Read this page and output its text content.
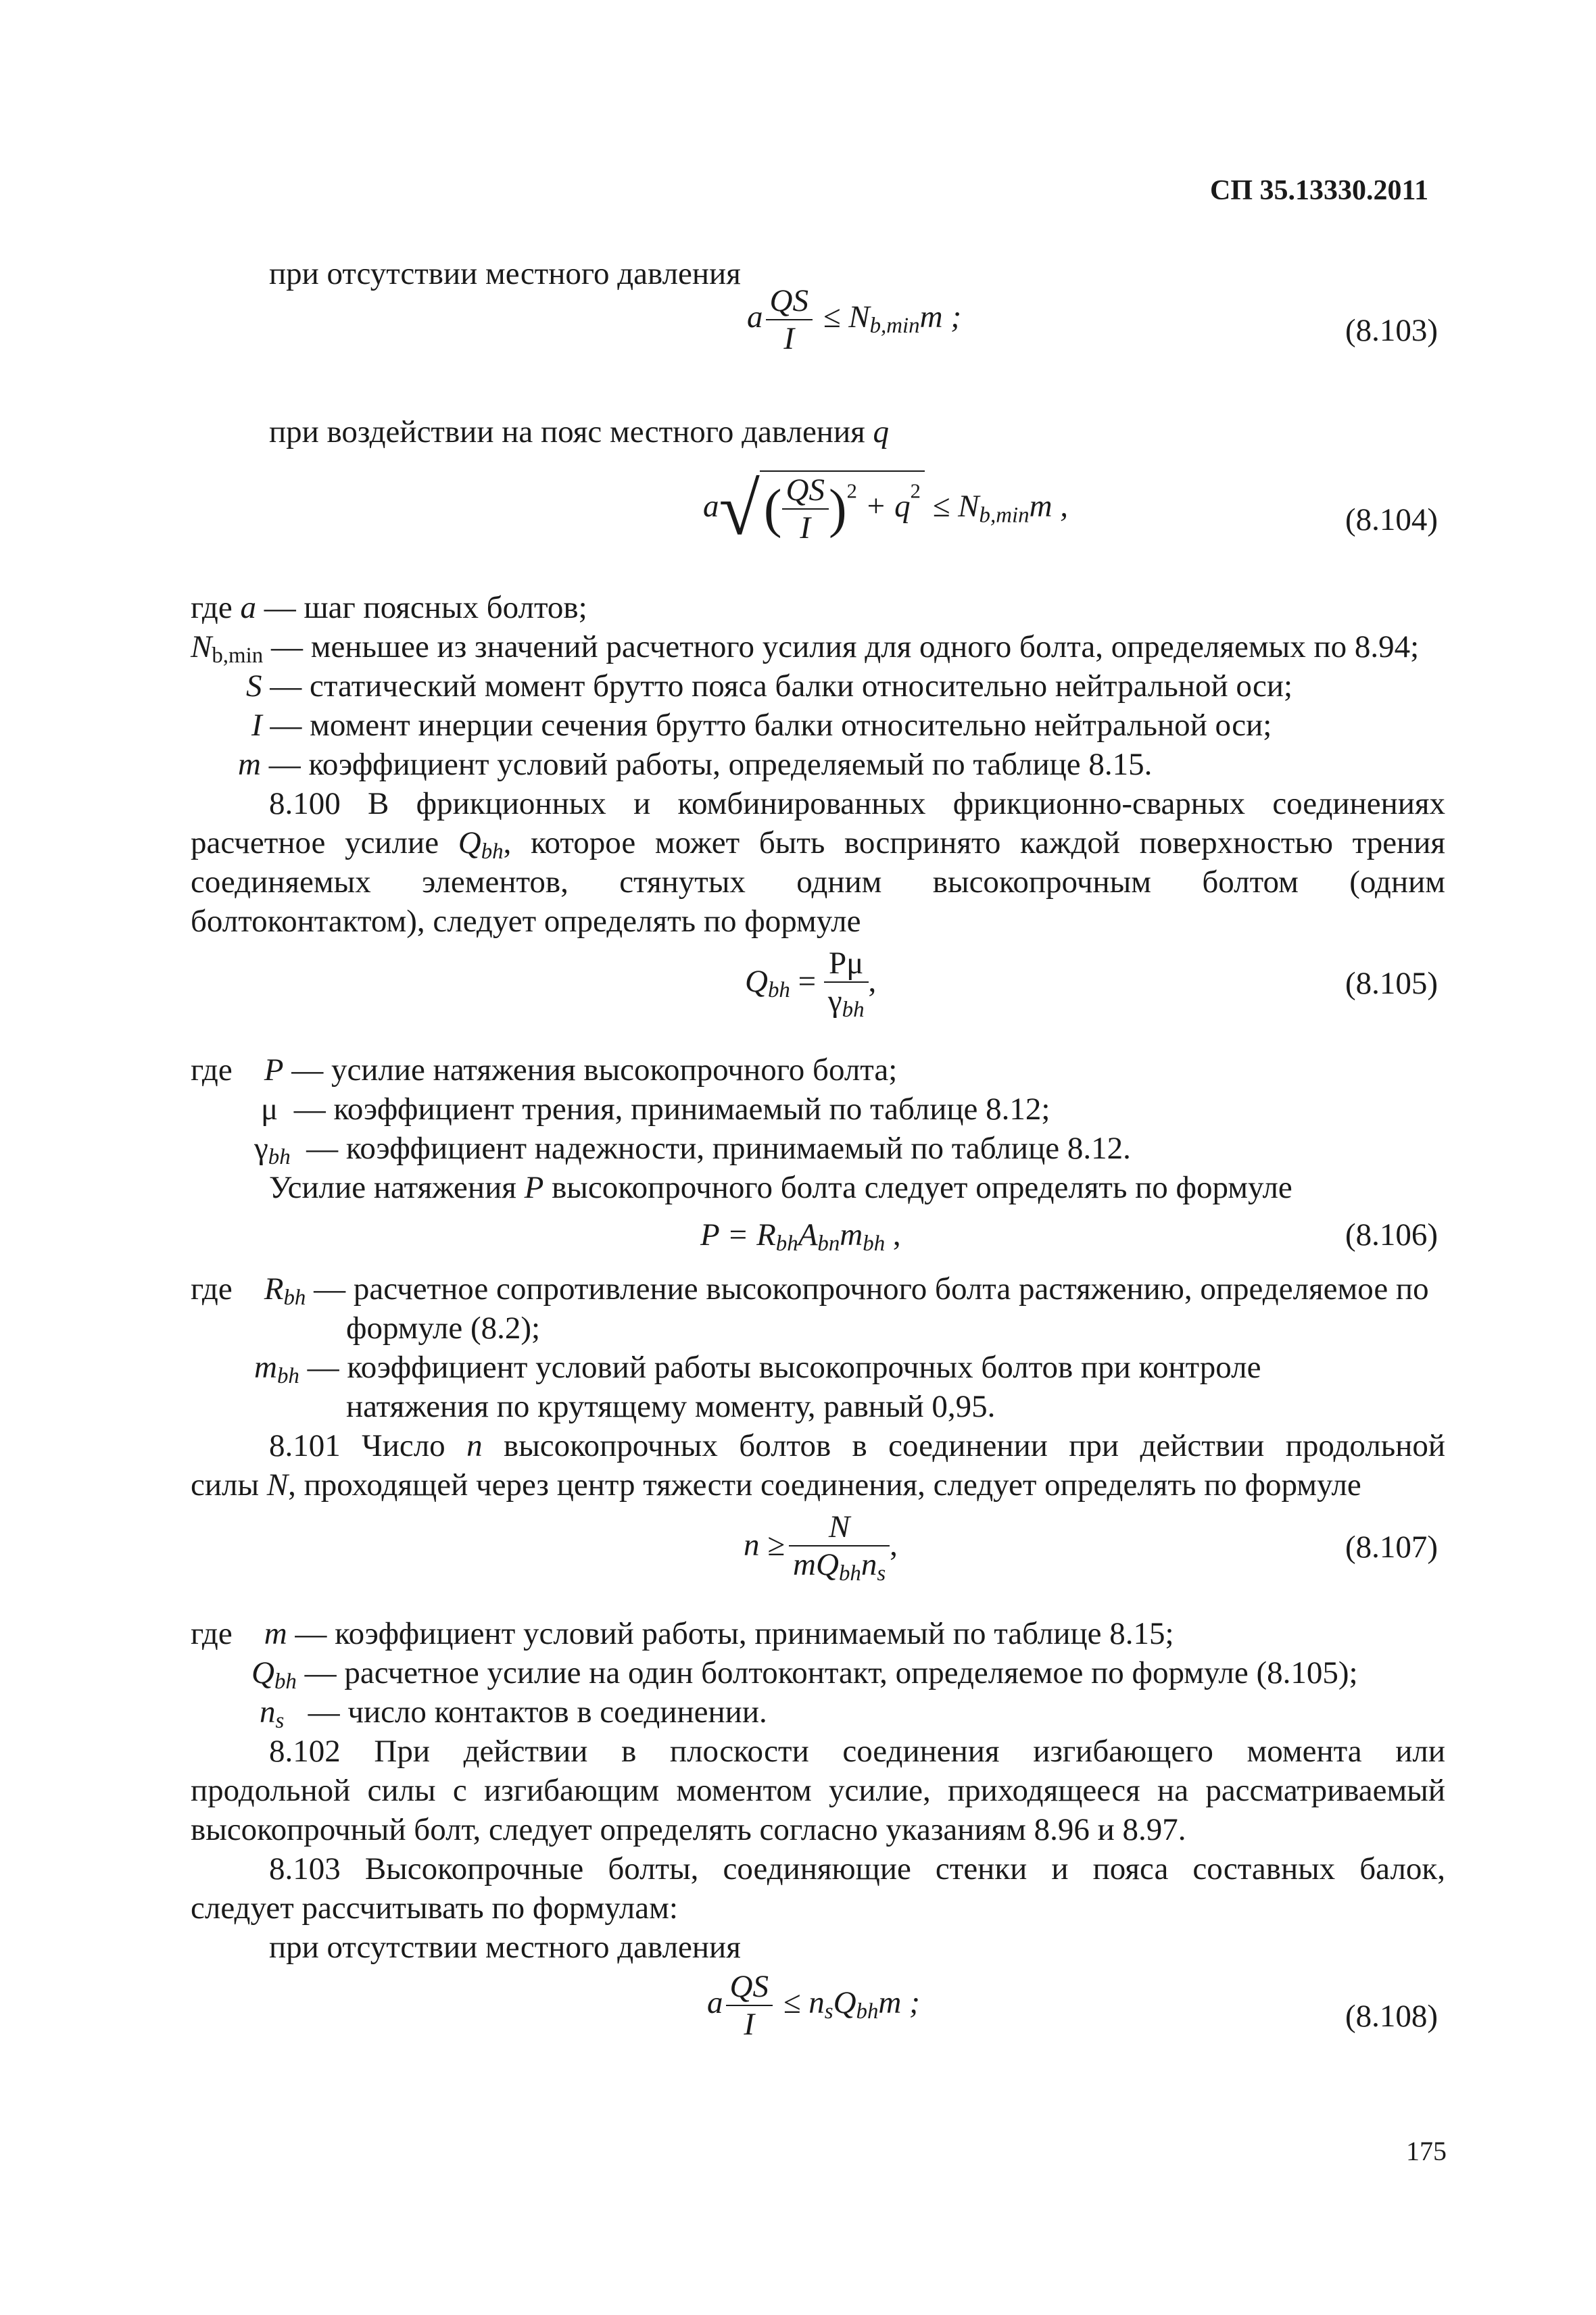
СП 35.13330.2011
при отсутствии местного давления
a $\frac{QS}{I} \le N_{b,min}m$ ;	(8.103)
при воздействии на пояс местного давления q
$a√( \frac{QS}{I} )^2 + q^2 \le N_{b,min}m$ ,	(8.104)
где a — шаг поясных болтов;
$N_{b,min}$ — меньшее из значений расчетного усилия для одного болта, определяемых по 8.94;
S — статический момент брутто пояса балки относительно нейтральной оси;
I — момент инерции сечения брутто балки относительно нейтральной оси;
m — коэффициент условий работы, определяемый по таблице 8.15.
8.100 В фрикционных и комбинированных фрикционно-сварных соединениях
расчетное усилие $Q_{bh}$, которое может быть воспринято каждой поверхностью трения
соединяемых элементов, стянутых одним высокопрочным болтом (одним
болтоконтактом), следует определять по формуле
$Q_{bh} = \frac{P\mu}{\gamma_{bh}}$ ,	(8.105)
где P — усилие натяжения высокопрочного болта;
μ — коэффициент трения, принимаемый по таблице 8.12;
$\gamma_{bh}$ — коэффициент надежности, принимаемый по таблице 8.12.
Усилие натяжения P высокопрочного болта следует определять по формуле
$P = R_{bh}A_{bn}m_{bh}$ ,	(8.106)
где $R_{bh}$ — расчетное сопротивление высокопрочного болта растяжению, определяемое по
формуле (8.2);
$m_{bh}$ — коэффициент условий работы высокопрочных болтов при контроле
натяжения по крутящему моменту, равный 0,95.
8.101 Число n высокопрочных болтов в соединении при действии продольной
силы N, проходящей через центр тяжести соединения, следует определять по формуле
$n \ge \frac{N}{mQ_{bh}n_s}$ ,	(8.107)
где m — коэффициент условий работы, принимаемый по таблице 8.15;
$Q_{bh}$ — расчетное усилие на один болтоконтакт, определяемое по формуле (8.105);
$n_s$ — число контактов в соединении.
8.102 При действии в плоскости соединения изгибающего момента или
продольной силы с изгибающим моментом усилие, приходящееся на рассматриваемый
высокопрочный болт, следует определять согласно указаниям 8.96 и 8.97.
8.103 Высокопрочные болты, соединяющие стенки и пояса составных балок,
следует рассчитывать по формулам:
при отсутствии местного давления
a $\frac{QS}{I} \le n_sQ_{bh}m$ ;	(8.108)
175
